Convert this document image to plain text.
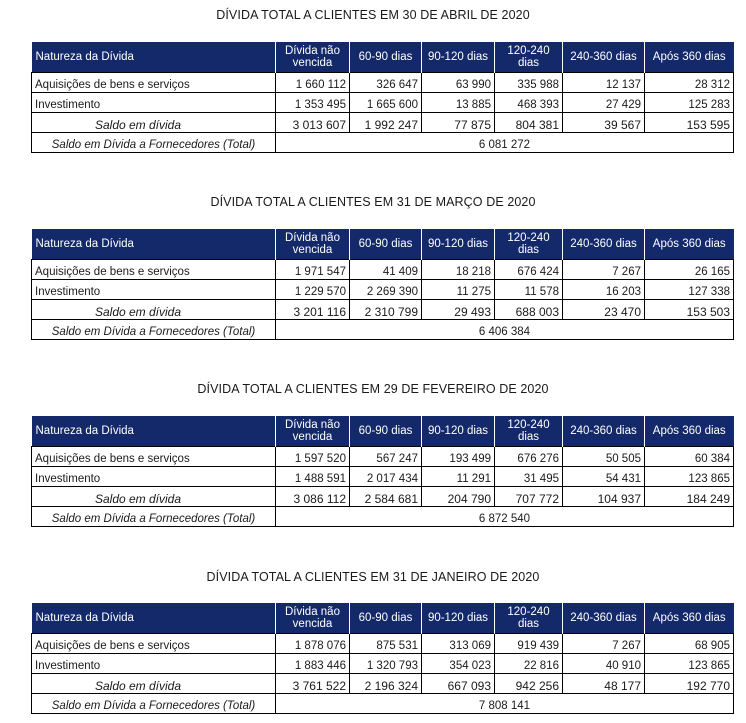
DÍVIDA TOTAL A CLIENTES EM 30 DE ABRIL DE 2020
Natureza da Dívida	Dívida não vencida	60-90 dias	90-120 dias	120-240 dias	240-360 dias	Após 360 dias
Aquisições de bens e serviços	1 660 112	326 647	63 990	335 988	12 137	28 312
Investimento	1 353 495	1 665 600	13 885	468 393	27 429	125 283
Saldo em dívida	3 013 607	1 992 247	77 875	804 381	39 567	153 595
Saldo em Dívida a Fornecedores (Total)	6 081 272					
DÍVIDA TOTAL A CLIENTES EM 31 DE MARÇO DE 2020
Natureza da Dívida	Dívida não vencida	60-90 dias	90-120 dias	120-240 dias	240-360 dias	Após 360 dias
Aquisições de bens e serviços	1 971 547	41 409	18 218	676 424	7 267	26 165
Investimento	1 229 570	2 269 390	11 275	11 578	16 203	127 338
Saldo em dívida	3 201 116	2 310 799	29 493	688 003	23 470	153 503
Saldo em Dívida a Fornecedores (Total)	6 406 384					
DÍVIDA TOTAL A CLIENTES EM 29 DE FEVEREIRO DE 2020
Natureza da Dívida	Dívida não vencida	60-90 dias	90-120 dias	120-240 dias	240-360 dias	Após 360 dias
Aquisições de bens e serviços	1 597 520	567 247	193 499	676 276	50 505	60 384
Investimento	1 488 591	2 017 434	11 291	31 495	54 431	123 865
Saldo em dívida	3 086 112	2 584 681	204 790	707 772	104 937	184 249
Saldo em Dívida a Fornecedores (Total)	6 872 540					
DÍVIDA TOTAL A CLIENTES EM 31 DE JANEIRO DE 2020
Natureza da Dívida	Dívida não vencida	60-90 dias	90-120 dias	120-240 dias	240-360 dias	Após 360 dias
Aquisições de bens e serviços	1 878 076	875 531	313 069	919 439	7 267	68 905
Investimento	1 883 446	1 320 793	354 023	22 816	40 910	123 865
Saldo em dívida	3 761 522	2 196 324	667 093	942 256	48 177	192 770
Saldo em Dívida a Fornecedores (Total)	7 808 141					
